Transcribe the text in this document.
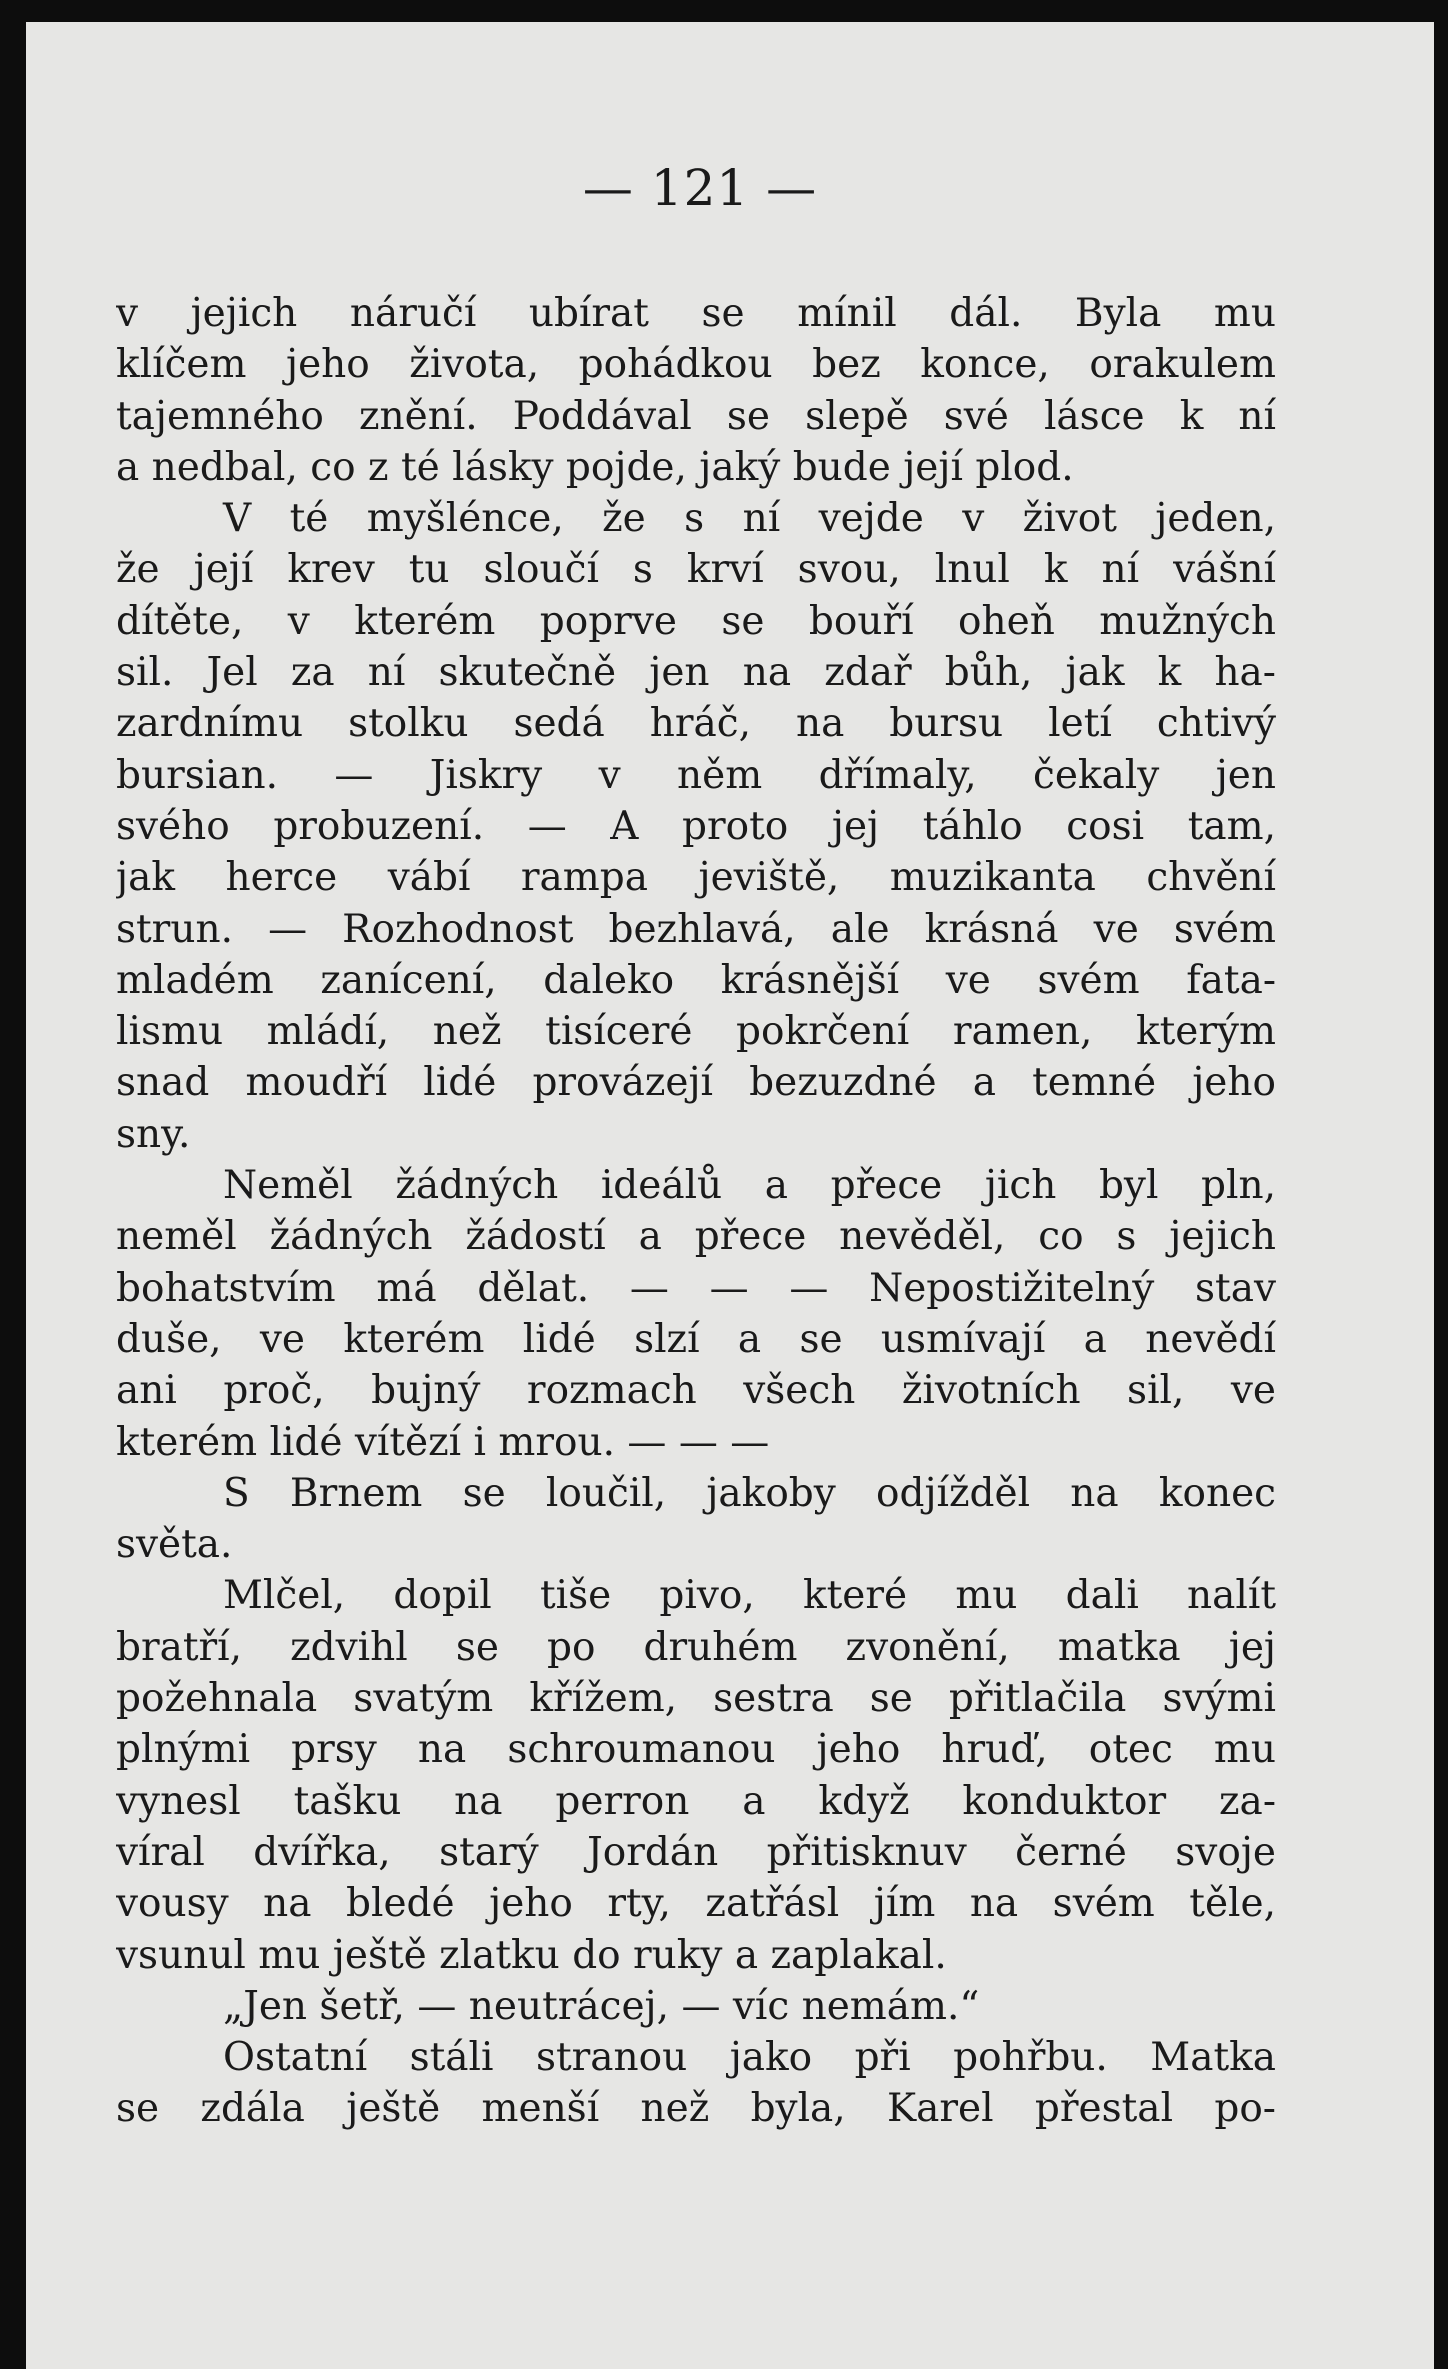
— 121 —
v jejich náručí ubírat se mínil dál. Byla mu
klíčem jeho života, pohádkou bez konce, orakulem
tajemného znění. Poddával se slepě své lásce k ní
a nedbal, co z té lásky pojde, jaký bude její plod.
V té myšlénce, že s ní vejde v život jeden,
že její krev tu sloučí s krví svou, lnul k ní vášní
dítěte, v kterém poprve se bouří oheň mužných
sil. Jel za ní skutečně jen na zdař bůh, jak k ha-
zardnímu stolku sedá hráč, na bursu letí chtivý
bursian. — Jiskry v něm dřímaly, čekaly jen
svého probuzení. — A proto jej táhlo cosi tam,
jak herce vábí rampa jeviště, muzikanta chvění
strun. — Rozhodnost bezhlavá, ale krásná ve svém
mladém zanícení, daleko krásnější ve svém fata-
lismu mládí, než tisíceré pokrčení ramen, kterým
snad moudří lidé provázejí bezuzdné a temné jeho
sny.
Neměl žádných ideálů a přece jich byl pln,
neměl žádných žádostí a přece nevěděl, co s jejich
bohatstvím má dělat. — — — Nepostižitelný stav
duše, ve kterém lidé slzí a se usmívají a nevědí
ani proč, bujný rozmach všech životních sil, ve
kterém lidé vítězí i mrou. — — —
S Brnem se loučil, jakoby odjížděl na konec
světa.
Mlčel, dopil tiše pivo, které mu dali nalít
bratří, zdvihl se po druhém zvonění, matka jej
požehnala svatým křížem, sestra se přitlačila svými
plnými prsy na schroumanou jeho hruď, otec mu
vynesl tašku na perron a když konduktor za-
víral dvířka, starý Jordán přitisknuv černé svoje
vousy na bledé jeho rty, zatřásl jím na svém těle,
vsunul mu ještě zlatku do ruky a zaplakal.
„Jen šetř, — neutrácej, — víc nemám.“
Ostatní stáli stranou jako při pohřbu. Matka
se zdála ještě menší než byla, Karel přestal po-
